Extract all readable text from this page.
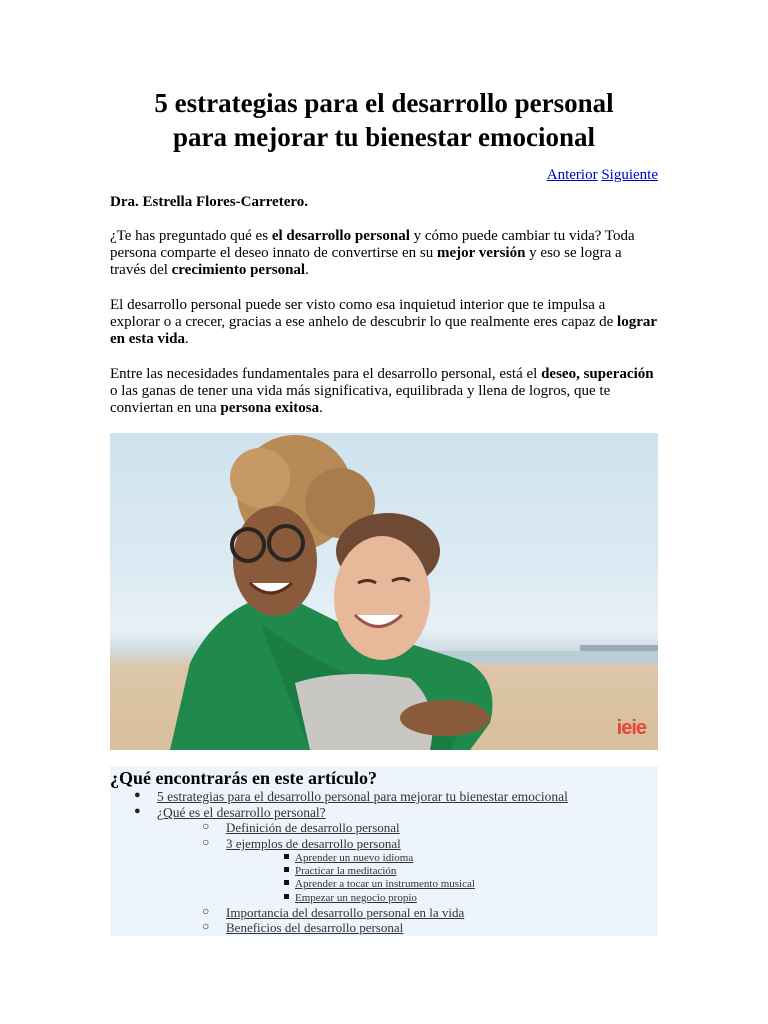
5 estrategias para el desarrollo personal
para mejorar tu bienestar emocional
Anterior Siguiente
Dra. Estrella Flores-Carretero.

¿Te has preguntado qué es el desarrollo personal y cómo puede cambiar tu vida? Toda persona comparte el deseo innato de convertirse en su mejor versión y eso se logra a través del crecimiento personal.

El desarrollo personal puede ser visto como esa inquietud interior que te impulsa a explorar o a crecer, gracias a ese anhelo de descubrir lo que realmente eres capaz de lograr en esta vida.

Entre las necesidades fundamentales para el desarrollo personal, está el deseo, superación o las ganas de tener una vida más significativa, equilibrada y llena de logros, que te conviertan en una persona exitosa.

ieie
¿Qué encontrarás en este artículo?
● 5 estrategias para el desarrollo personal para mejorar tu bienestar emocional
● ¿Qué es el desarrollo personal?
○ Definición de desarrollo personal
○ 3 ejemplos de desarrollo personal
Aprender un nuevo idioma
Practicar la meditación
Aprender a tocar un instrumento musical
Empezar un negocio propio
○ Importancia del desarrollo personal en la vida
○ Beneficios del desarrollo personal
